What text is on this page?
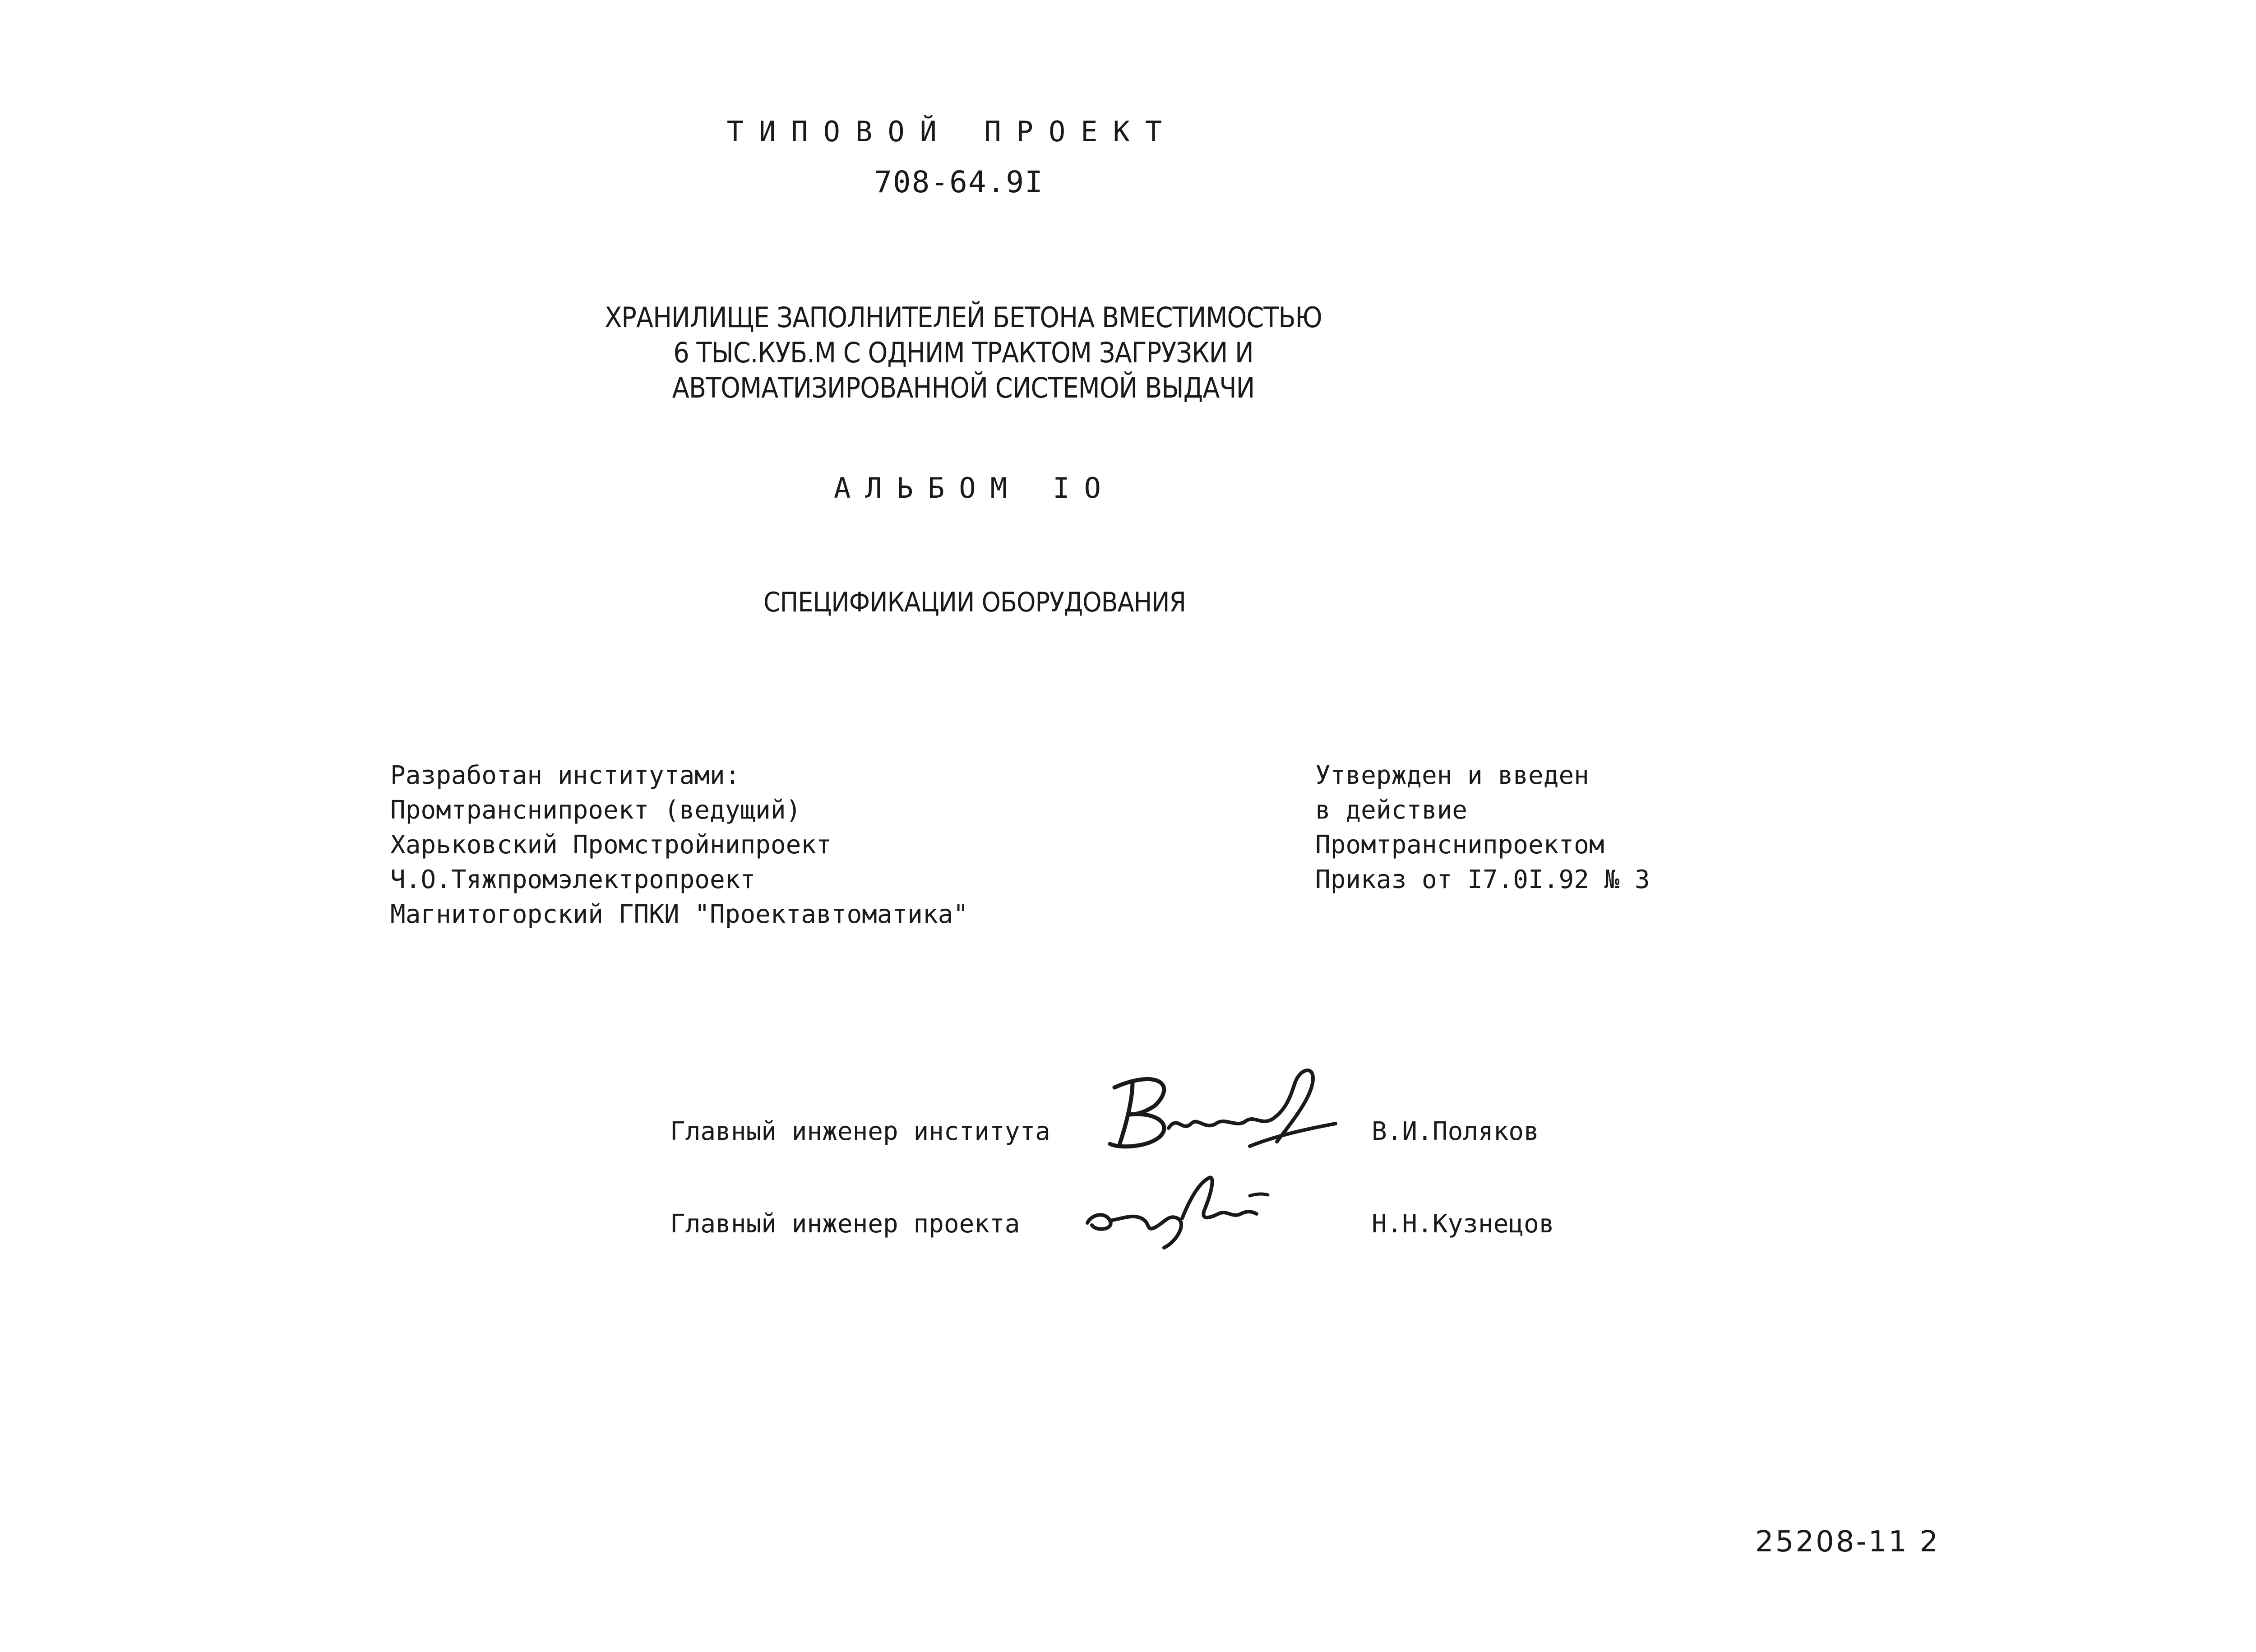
ТИПОВОЙ ПРОЕКТ
708-64.9I
ХРАНИЛИЩЕ ЗАПОЛНИТЕЛЕЙ БЕТОНА ВМЕСТИМОСТЬЮ
6 ТЫС.КУБ.М С ОДНИМ ТРАКТОМ ЗАГРУЗКИ И
АВТОМАТИЗИРОВАННОЙ СИСТЕМОЙ ВЫДАЧИ
АЛЬБОМ IO
СПЕЦИФИКАЦИИ ОБОРУДОВАНИЯ
Разработан институтами:
Промтранснипроект (ведущий)
Харьковский Промстройнипроект
Ч.О.Тяжпромэлектропроект
Магнитогорский ГПКИ "Проектавтоматика"
Утвержден и введен
в действие
Промтранснипроектом
Приказ от I7.0I.92 № 3
Главный инженер института	В.И.Поляков
Главный инженер проекта	Н.Н.Кузнецов
25208-11 2
